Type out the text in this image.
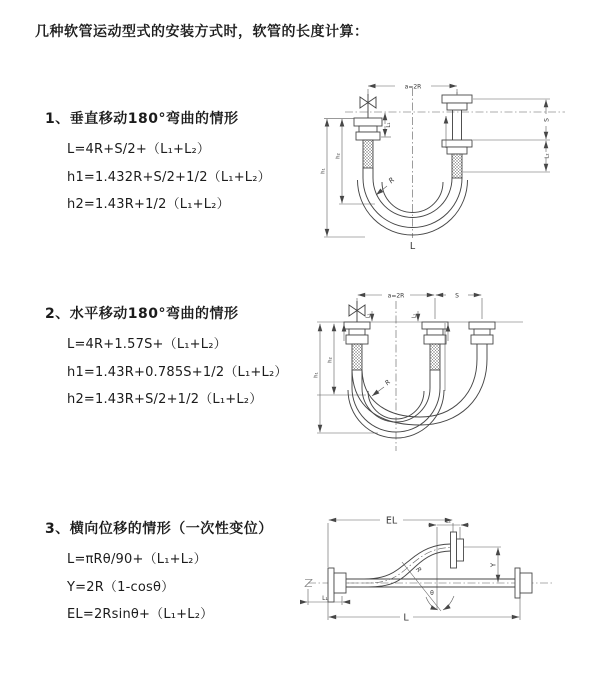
几种软管运动型式的安装方式时，软管的长度计算：
1、垂直移动180°弯曲的情形
L=4R+S/2+（L₁+L₂）
h1=1.432R+S/2+1/2（L₁+L₂）
h2=1.43R+1/2（L₁+L₂）
2、水平移动180°弯曲的情形
L=4R+1.57S+（L₁+L₂）
h1=1.43R+0.785S+1/2（L₁+L₂）
h2=1.43R+S/2+1/2（L₁+L₂）
3、横向位移的情形（一次性变位）
L=πRθ/90+（L₁+L₂）
Y=2R（1-cosθ）
EL=2Rsinθ+（L₁+L₂）
a=2R
L₁
S
L₂
h₁
h₂
R
L
a=2R	S
L₁	L₂
h₁
h₂
R
EL	L₂
Y
R
θ
L₁
L
